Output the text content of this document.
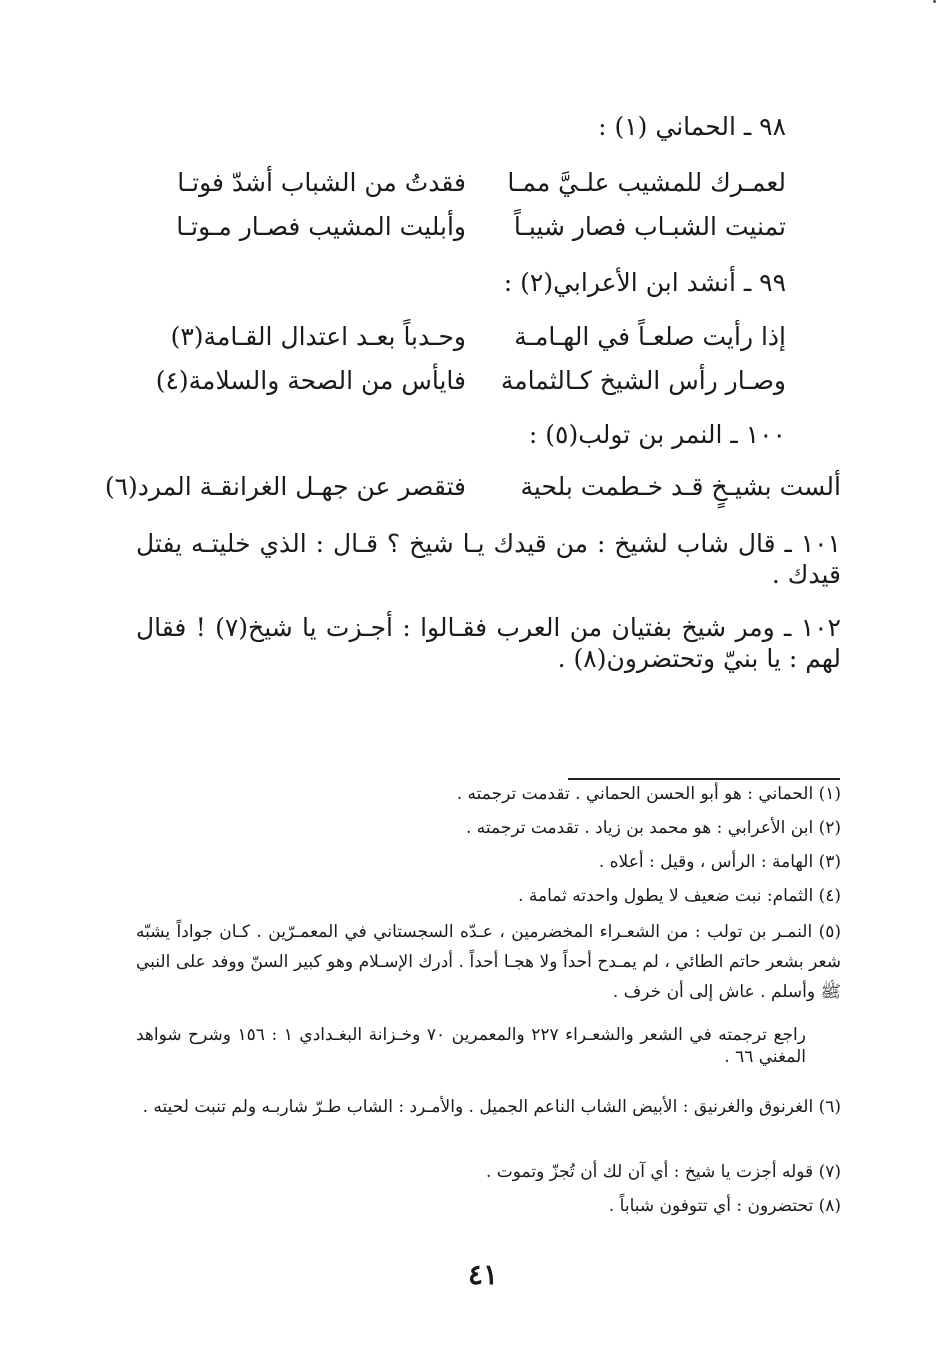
٩٨ ـ الحماني (١) :
لعمـرك للمشيب علـيَّ ممـا
فقدتُ من الشباب أشدّ فوتـا
تمنيت الشبـاب فصار شيبـاً
وأبليت المشيب فصـار مـوتـا
٩٩ ـ أنشد ابن الأعرابي(٢) :
إذا رأيت صلعـاً في الهـامـة
وحـدباً بعـد اعتدال القـامة(٣)
وصـار رأس الشيخ كـالثمامة
فايأس من الصحة والسلامة(٤)
١٠٠ ـ النمر بن تولب(٥) :
ألست بشيـخٍ قـد خـطمت بلحية
فتقصر عن جهـل الغرانقـة المرد(٦)
١٠١ ـ قال شاب لشيخ : من قيدك يـا شيخ ؟ قـال : الذي خليتـه يفتل قيدك .
١٠٢ ـ ومر شيخ بفتيان من العرب فقـالوا : أجـزت يا شيخ(٧) ! فقال لهم : يا بنيّ وتحتضرون(٨) .
(١) الحماني : هو أبو الحسن الحماني . تقدمت ترجمته .
(٢) ابن الأعرابي : هو محمد بن زياد . تقدمت ترجمته .
(٣) الهامة : الرأس ، وقيل : أعلاه .
(٤) الثمام: نبت ضعيف لا يطول واحدته ثمامة .
(٥) النمـر بن تولب : من الشعـراء المخضرمين ، عـدّه السجستاني في المعمـرّين . كـان جواداً يشبّه شعر بشعر حاتم الطائي ، لم يمـدح أحداً ولا هجـا أحداً . أدرك الإسـلام وهو كبير السنّ ووفد على النبي ﷺ وأسلم . عاش إلى أن خرف .
راجع ترجمته في الشعر والشعـراء ٢٢٧ والمعمرين ٧٠ وخـزانة البغـدادي ١ : ١٥٦ وشرح شواهد المغني ٦٦ .
(٦) الغرنوق والغرنيق : الأبيض الشاب الناعم الجميل . والأمـرد : الشاب طـرّ شاربـه ولم تنبت لحيته .
(٧) قوله أجزت يا شيخ : أي آن لك أن تُجزّ وتموت .
(٨) تحتضرون : أي تتوفون شباباً .
٤١
